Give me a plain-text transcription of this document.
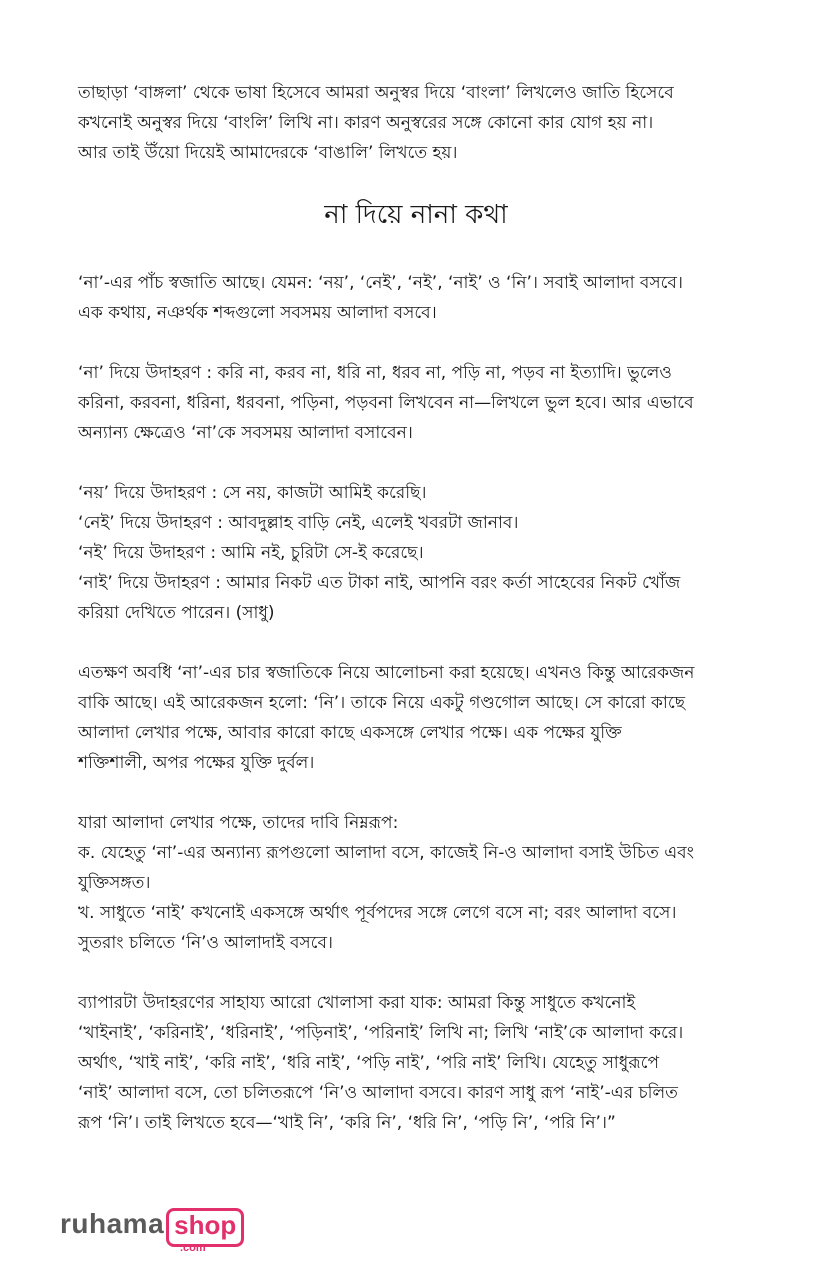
তাছাড়া ‘বাঙ্গলা’ থেকে ভাষা হিসেবে আমরা অনুস্বর দিয়ে ‘বাংলা’ লিখলেও জাতি হিসেবে
কখনোই অনুস্বর দিয়ে ‘বাংলি’ লিখি না। কারণ অনুস্বরের সঙ্গে কোনো কার যোগ হয় না।
আর তাই উঁয়ো দিয়েই আমাদেরকে ‘বাঙালি’ লিখতে হয়।

না দিয়ে নানা কথা

‘না’-এর পাঁচ স্বজাতি আছে। যেমন: ‘নয়’, ‘নেই’, ‘নই’, ‘নাই’ ও ‘নি’। সবাই আলাদা বসবে।
এক কথায়, নঞর্থক শব্দগুলো সবসময় আলাদা বসবে।

‘না’ দিয়ে উদাহরণ : করি না, করব না, ধরি না, ধরব না, পড়ি না, পড়ব না ইত্যাদি। ভুলেও
করিনা, করবনা, ধরিনা, ধরবনা, পড়িনা, পড়বনা লিখবেন না—লিখলে ভুল হবে। আর এভাবে
অন্যান্য ক্ষেত্রেও ‘না’কে সবসময় আলাদা বসাবেন।

‘নয়’ দিয়ে উদাহরণ : সে নয়, কাজটা আমিই করেছি।
‘নেই’ দিয়ে উদাহরণ : আবদুল্লাহ বাড়ি নেই, এলেই খবরটা জানাব।
‘নই’ দিয়ে উদাহরণ : আমি নই, চুরিটা সে-ই করেছে।
‘নাই’ দিয়ে উদাহরণ : আমার নিকট এত টাকা নাই, আপনি বরং কর্তা সাহেবের নিকট খোঁজ
করিয়া দেখিতে পারেন। (সাধু)

এতক্ষণ অবধি ‘না’-এর চার স্বজাতিকে নিয়ে আলোচনা করা হয়েছে। এখনও কিন্তু আরেকজন
বাকি আছে। এই আরেকজন হলো: ‘নি’। তাকে নিয়ে একটু গণ্ডগোল আছে। সে কারো কাছে
আলাদা লেখার পক্ষে, আবার কারো কাছে একসঙ্গে লেখার পক্ষে। এক পক্ষের যুক্তি
শক্তিশালী, অপর পক্ষের যুক্তি দুর্বল।

যারা আলাদা লেখার পক্ষে, তাদের দাবি নিম্নরূপ:
ক. যেহেতু ‘না’-এর অন্যান্য রূপগুলো আলাদা বসে, কাজেই নি-ও আলাদা বসাই উচিত এবং
যুক্তিসঙ্গত।
খ. সাধুতে ‘নাই’ কখনোই একসঙ্গে অর্থাৎ পূর্বপদের সঙ্গে লেগে বসে না; বরং আলাদা বসে।
সুতরাং চলিতে ‘নি’ও আলাদাই বসবে।

ব্যাপারটা উদাহরণের সাহায্য আরো খোলাসা করা যাক: আমরা কিন্তু সাধুতে কখনোই
‘খাইনাই’, ‘করিনাই’, ‘ধরিনাই’, ‘পড়িনাই’, ‘পরিনাই’ লিখি না; লিখি ‘নাই’কে আলাদা করে।
অর্থাৎ, ‘খাই নাই’, ‘করি নাই’, ‘ধরি নাই’, ‘পড়ি নাই’, ‘পরি নাই’ লিখি। যেহেতু সাধুরূপে
‘নাই’ আলাদা বসে, তো চলিতরূপে ‘নি’ও আলাদা বসবে। কারণ সাধু রূপ ‘নাই’-এর চলিত
রূপ ‘নি’। তাই লিখতে হবে—‘খাই নি’, ‘করি নি’, ‘ধরি নি’, ‘পড়ি নি’, ‘পরি নি’।”

ruhama shop
.com
